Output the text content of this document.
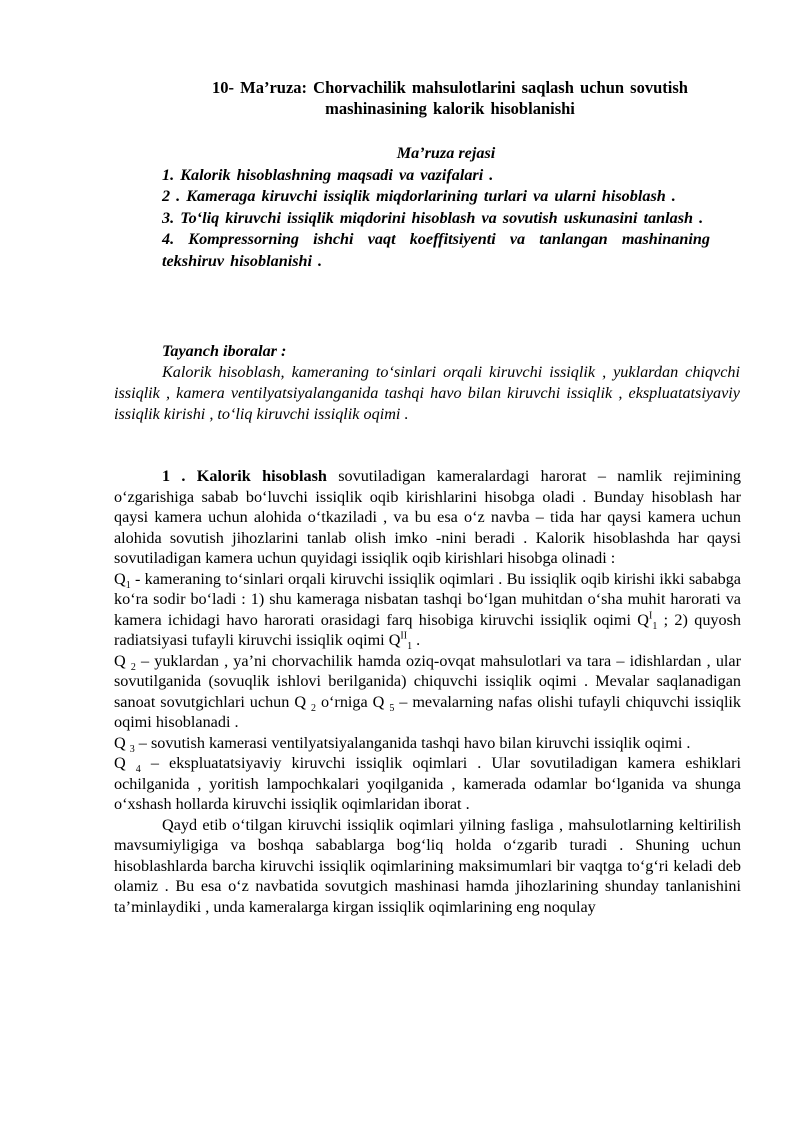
10- Ma’ruza: Chorvachilik mahsulotlarini saqlash uchun sovutish
mashinasining kalorik hisoblanishi
Ma’ruza rejasi

1. Kalorik hisoblashning maqsadi va vazifalari .

2 . Kameraga kiruvchi issiqlik miqdorlarining turlari va ularni hisoblash .

3. To‘liq kiruvchi issiqlik miqdorini hisoblash va sovutish uskunasini tanlash .

4. Kompressorning ishchi vaqt koeffitsiyenti va tanlangan mashinaning tekshiruv hisoblanishi .

Tayanch iboralar :

Kalorik hisoblash, kameraning to‘sinlari orqali kiruvchi issiqlik , yuklardan chiqvchi issiqlik , kamera ventilyatsiyalanganida tashqi havo bilan kiruvchi issiqlik , ekspluatatsiyaviy issiqlik kirishi , to‘liq kiruvchi issiqlik oqimi .

1 . Kalorik hisoblash sovutiladigan kameralardagi harorat – namlik rejimining o‘zgarishiga sabab bo‘luvchi issiqlik oqib kirishlarini hisobga oladi . Bunday hisoblash har qaysi kamera uchun alohida o‘tkaziladi , va bu esa o‘z navba – tida har qaysi kamera uchun alohida sovutish jihozlarini tanlab olish imko -nini beradi . Kalorik hisoblashda har qaysi sovutiladigan kamera uchun quyidagi issiqlik oqib kirishlari hisobga olinadi :

$Q_1$ - kameraning to‘sinlari orqali kiruvchi issiqlik oqimlari . Bu issiqlik oqib kirishi ikki sababga ko‘ra sodir bo‘ladi : 1) shu kameraga nisbatan tashqi bo‘lgan muhitdan o‘sha muhit harorati va kamera ichidagi havo harorati orasidagi farq hisobiga kiruvchi issiqlik oqimi $Q^I_1$ ; 2) quyosh radiatsiyasi tufayli kiruvchi issiqlik oqimi $Q^{II}_1$ .

Q $_2$ – yuklardan , ya’ni chorvachilik hamda oziq-ovqat mahsulotlari va tara – idishlardan , ular sovutilganida (sovuqlik ishlovi berilganida) chiquvchi issiqlik oqimi . Mevalar saqlanadigan sanoat sovutgichlari uchun Q $_2$ o‘rniga Q $_5$ – mevalarning nafas olishi tufayli chiquvchi issiqlik oqimi hisoblanadi .

Q $_3$ – sovutish kamerasi ventilyatsiyalanganida tashqi havo bilan kiruvchi issiqlik oqimi .

Q $_4$ – ekspluatatsiyaviy kiruvchi issiqlik oqimlari . Ular sovutiladigan kamera eshiklari ochilganida , yoritish lampochkalari yoqilganida , kamerada odamlar bo‘lganida va shunga o‘xshash hollarda kiruvchi issiqlik oqimlaridan iborat .

Qayd etib o‘tilgan kiruvchi issiqlik oqimlari yilning fasliga , mahsulotlarning keltirilish mavsumiyligiga va boshqa sabablarga bog‘liq holda o‘zgarib turadi . Shuning uchun hisoblashlarda barcha kiruvchi issiqlik oqimlarining maksimumlari bir vaqtga to‘g‘ri keladi deb olamiz . Bu esa o‘z navbatida sovutgich mashinasi hamda jihozlarining shunday tanlanishini ta’minlaydiki , unda kameralarga kirgan issiqlik oqimlarining eng noqulay
